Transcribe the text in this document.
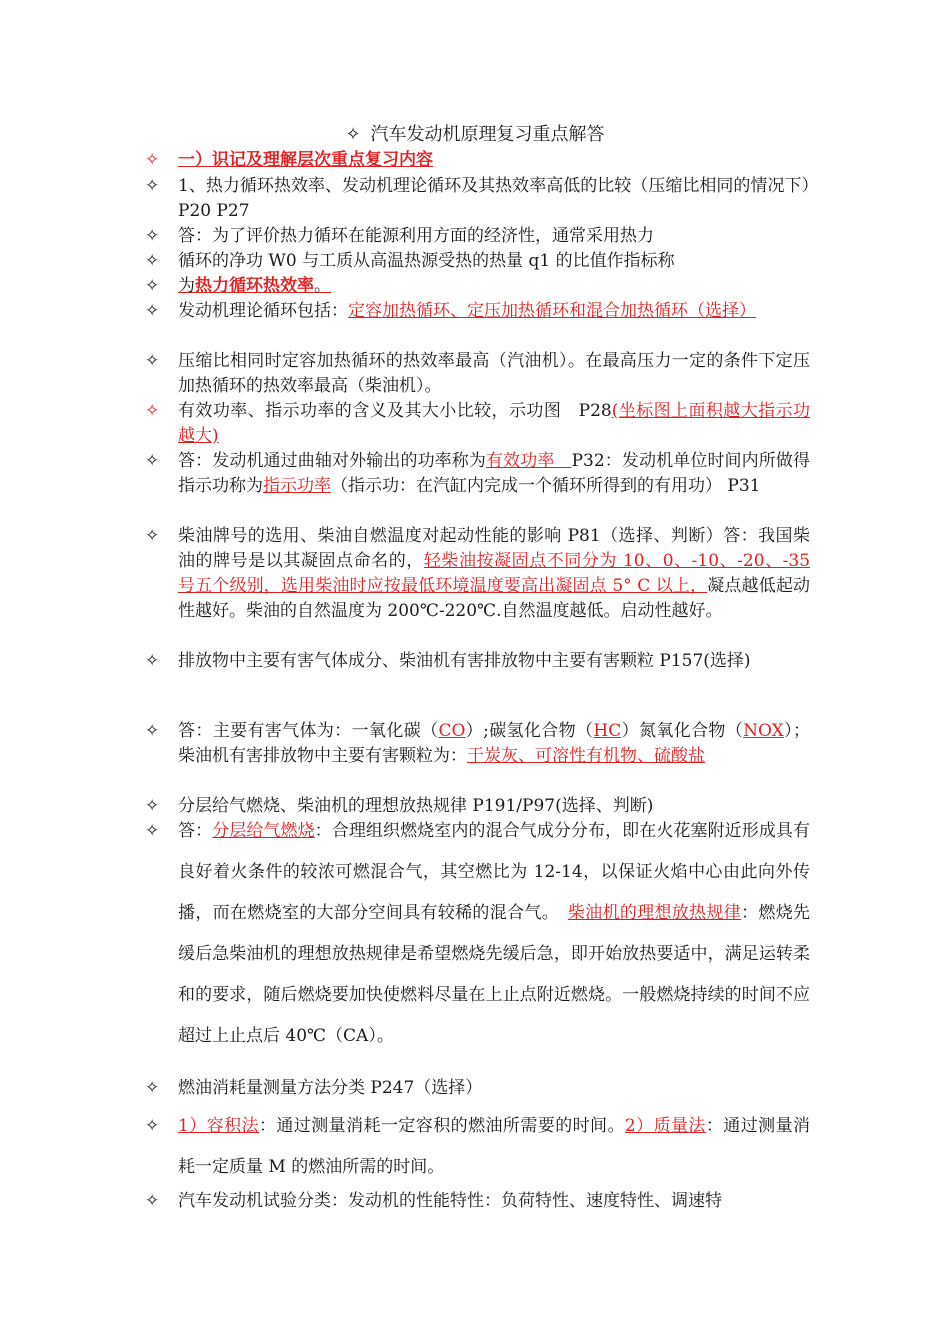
✧ 汽车发动机原理复习重点解答
✧	一）识记及理解层次重点复习内容
✧	1、热力循环热效率、发动机理论循环及其热效率高低的比较（压缩比相同的情况下）P20 P27
✧	答：为了评价热力循环在能源利用方面的经济性，通常采用热力
✧	循环的净功 W0 与工质从高温热源受热的热量 q1 的比值作指标称
✧	为热力循环热效率。
✧	发动机理论循环包括：定容加热循环、定压加热循环和混合加热循环（选择）
✧	压缩比相同时定容加热循环的热效率最高（汽油机）。在最高压力一定的条件下定压加热循环的热效率最高（柴油机）。
✧	有效功率、指示功率的含义及其大小比较，示功图　P28(坐标图上面积越大指示功越大)
✧	答：发动机通过曲轴对外输出的功率称为有效功率　P32：发动机单位时间内所做得指示功称为指示功率（指示功：在汽缸内完成一个循环所得到的有用功） P31
✧	柴油牌号的选用、柴油自燃温度对起动性能的影响 P81（选择、判断）答：我国柴油的牌号是以其凝固点命名的，轻柴油按凝固点不同分为 10、0、-10、-20、-35 号五个级别，选用柴油时应按最低环境温度要高出凝固点 5° C 以上，凝点越低起动性越好。柴油的自然温度为 200℃-220℃.自然温度越低。启动性越好。
✧	排放物中主要有害气体成分、柴油机有害排放物中主要有害颗粒 P157(选择)
✧	答：主要有害气体为：一氧化碳（CO）;碳氢化合物（HC）氮氧化合物（NOX）；柴油机有害排放物中主要有害颗粒为：干炭灰、可溶性有机物、硫酸盐
✧	分层给气燃烧、柴油机的理想放热规律 P191/P97(选择、判断)
✧	答：分层给气燃烧：合理组织燃烧室内的混合气成分分布，即在火花塞附近形成具有良好着火条件的较浓可燃混合气，其空燃比为 12-14，以保证火焰中心由此向外传播，而在燃烧室的大部分空间具有较稀的混合气。　柴油机的理想放热规律：燃烧先缓后急柴油机的理想放热规律是希望燃烧先缓后急，即开始放热要适中，满足运转柔和的要求，随后燃烧要加快使燃料尽量在上止点附近燃烧。一般燃烧持续的时间不应超过上止点后 40℃（CA）。
✧	燃油消耗量测量方法分类 P247（选择）
✧	1）容积法：通过测量消耗一定容积的燃油所需要的时间。2）质量法：通过测量消耗一定质量 M 的燃油所需的时间。
✧	汽车发动机试验分类：发动机的性能特性：负荷特性、速度特性、调速特
